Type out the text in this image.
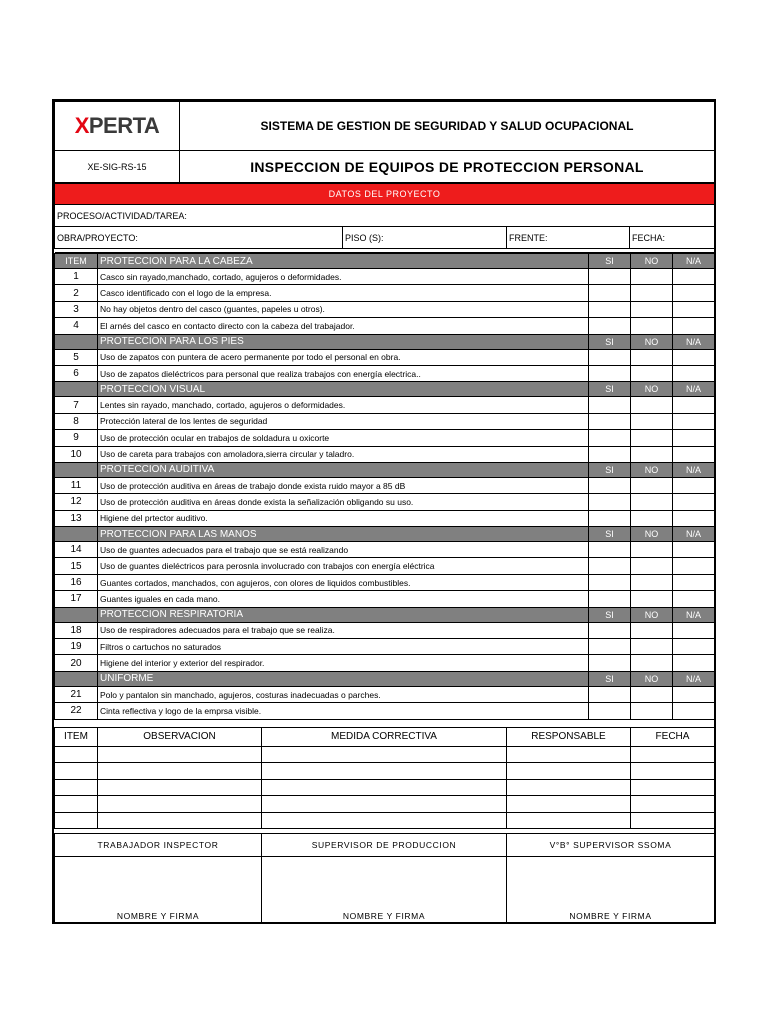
XPERTA	SISTEMA DE GESTION DE SEGURIDAD Y SALUD OCUPACIONAL
XE-SIG-RS-15	INSPECCION DE EQUIPOS DE PROTECCION PERSONAL
DATOS DEL PROYECTO
PROCESO/ACTIVIDAD/TAREA:
OBRA/PROYECTO:	PISO (S):	FRENTE:	FECHA:

ITEM	PROTECCION PARA LA CABEZA	SI	NO	N/A
1	Casco sin rayado,manchado, cortado, agujeros o deformidades.			
2	Casco identificado con el logo de la empresa.			
3	No hay objetos dentro del casco (guantes, papeles u otros).			
4	El arnés del casco en contacto directo con la cabeza del trabajador.			
	PROTECCION PARA LOS PIES	SI	NO	N/A
5	Uso de zapatos con puntera de acero permanente por todo el personal en obra.			
6	Uso de zapatos dieléctricos para personal que realiza trabajos con energía electrica..			
	PROTECCION VISUAL	SI	NO	N/A
7	Lentes sin rayado, manchado, cortado, agujeros o deformidades.			
8	Protección lateral de los lentes de seguridad			
9	Uso de protección ocular en trabajos de soldadura u oxicorte			
10	Uso de careta para trabajos con amoladora,sierra circular y taladro.			
	PROTECCION AUDITIVA	SI	NO	N/A
11	Uso de protección auditiva en áreas de trabajo donde exista ruido mayor a 85 dB			
12	Uso de protección auditiva en áreas donde exista la señalización obligando su uso.			
13	Higiene del prtector auditivo.			
	PROTECCION PARA LAS MANOS	SI	NO	N/A
14	Uso de guantes adecuados para el trabajo que se está realizando			
15	Uso de guantes dieléctricos para perosnla involucrado con trabajos con energía eléctrica			
16	Guantes cortados, manchados, con agujeros, con olores de liquidos combustibles.			
17	Guantes iguales en cada mano.			
	PROTECCION RESPIRATORIA	SI	NO	N/A
18	Uso de respiradores adecuados para el trabajo que se realiza.			
19	Filtros o cartuchos no saturados			
20	Higiene del interior y exterior del respirador.			
	UNIFORME	SI	NO	N/A
21	Polo y pantalon sin manchado, agujeros, costuras inadecuadas o parches.			
22	Cinta reflectiva y logo de la emprsa visible.			
ITEM	OBSERVACION	MEDIDA CORRECTIVA	RESPONSABLE	FECHA

TRABAJADOR INSPECTOR	SUPERVISOR DE PRODUCCION	V°B° SUPERVISOR SSOMA
NOMBRE Y FIRMA	NOMBRE Y FIRMA	NOMBRE Y FIRMA
